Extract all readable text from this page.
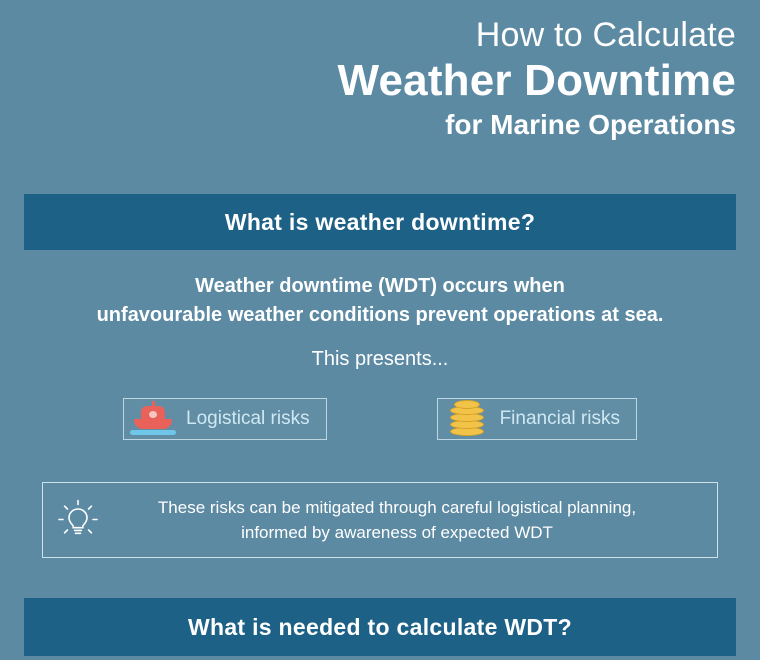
How to Calculate
Weather Downtime
for Marine Operations
What is weather downtime?
Weather downtime (WDT) occurs when
unfavourable weather conditions prevent operations at sea.
This presents...
Logistical risks	Financial risks
These risks can be mitigated through careful logistical planning,
informed by awareness of expected WDT
What is needed to calculate WDT?
